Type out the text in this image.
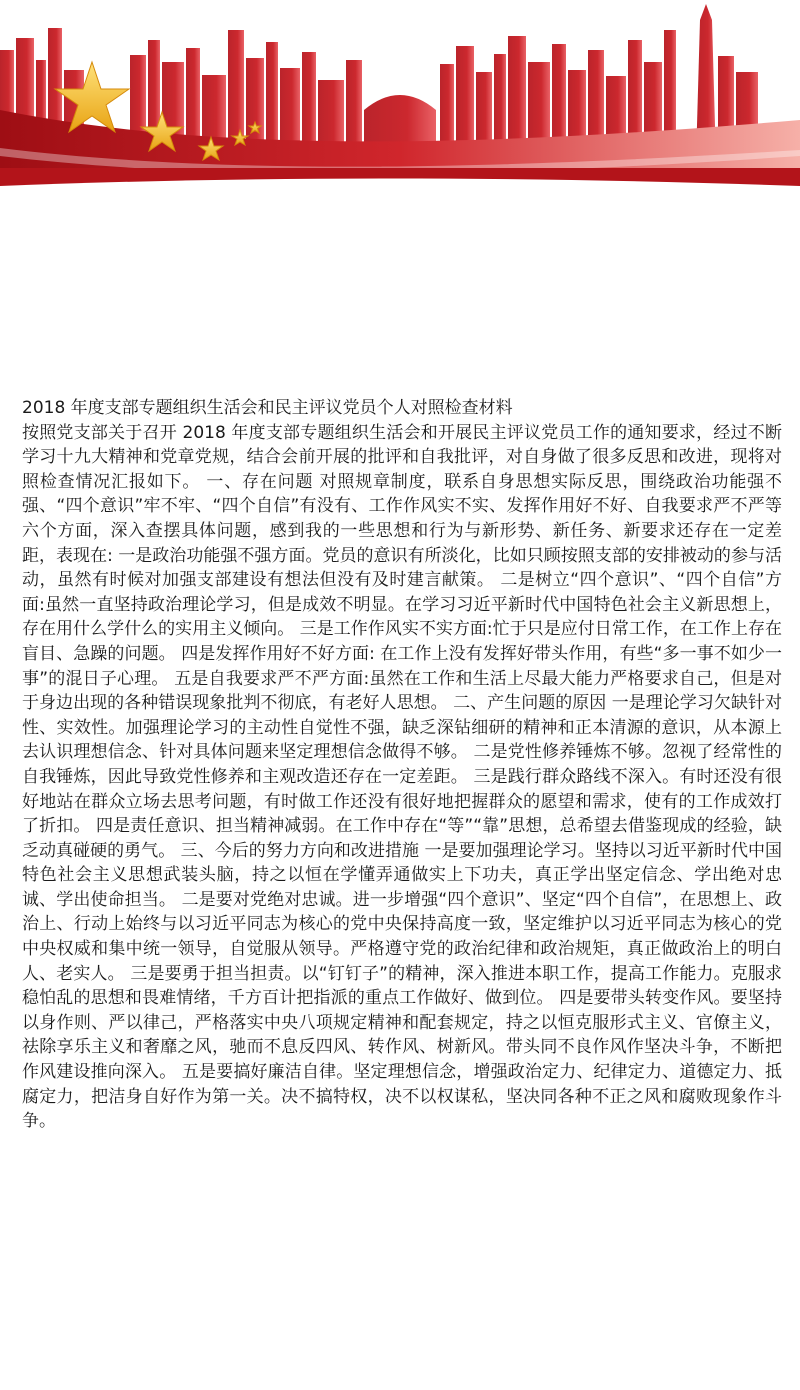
2018 年度支部专题组织生活会和民主评议党员个人对照检查材料

按照党支部关于召开 2018 年度支部专题组织生活会和开展民主评议党员工作的通知要求，经过不断学习十九大精神和党章党规，结合会前开展的批评和自我批评，对自身做了很多反思和改进，现将对照检查情况汇报如下。 一、存在问题 对照规章制度，联系自身思想实际反思，围绕政治功能强不强、“四个意识”牢不牢、“四个自信”有没有、工作作风实不实、发挥作用好不好、自我要求严不严等六个方面，深入查摆具体问题，感到我的一些思想和行为与新形势、新任务、新要求还存在一定差距，表现在: 一是政治功能强不强方面。党员的意识有所淡化，比如只顾按照支部的安排被动的参与活动，虽然有时候对加强支部建设有想法但没有及时建言献策。 二是树立“四个意识”、“四个自信”方面:虽然一直坚持政治理论学习，但是成效不明显。在学习习近平新时代中国特色社会主义新思想上，存在用什么学什么的实用主义倾向。 三是工作作风实不实方面:忙于只是应付日常工作，在工作上存在盲目、急躁的问题。 四是发挥作用好不好方面: 在工作上没有发挥好带头作用，有些“多一事不如少一事”的混日子心理。 五是自我要求严不严方面:虽然在工作和生活上尽最大能力严格要求自己，但是对于身边出现的各种错误现象批判不彻底，有老好人思想。 二、产生问题的原因 一是理论学习欠缺针对性、实效性。加强理论学习的主动性自觉性不强，缺乏深钻细研的精神和正本清源的意识，从本源上去认识理想信念、针对具体问题来坚定理想信念做得不够。 二是党性修养锤炼不够。忽视了经常性的自我锤炼，因此导致党性修养和主观改造还存在一定差距。 三是践行群众路线不深入。有时还没有很好地站在群众立场去思考问题，有时做工作还没有很好地把握群众的愿望和需求，使有的工作成效打了折扣。 四是责任意识、担当精神减弱。在工作中存在“等”“靠”思想，总希望去借鉴现成的经验，缺乏动真碰硬的勇气。 三、今后的努力方向和改进措施 一是要加强理论学习。坚持以习近平新时代中国特色社会主义思想武装头脑，持之以恒在学懂弄通做实上下功夫，真正学出坚定信念、学出绝对忠诚、学出使命担当。 二是要对党绝对忠诚。进一步增强“四个意识”、坚定“四个自信”，在思想上、政治上、行动上始终与以习近平同志为核心的党中央保持高度一致，坚定维护以习近平同志为核心的党中央权威和集中统一领导，自觉服从领导。严格遵守党的政治纪律和政治规矩，真正做政治上的明白人、老实人。 三是要勇于担当担责。以“钉钉子”的精神，深入推进本职工作，提高工作能力。克服求稳怕乱的思想和畏难情绪，千方百计把指派的重点工作做好、做到位。 四是要带头转变作风。要坚持以身作则、严以律己，严格落实中央八项规定精神和配套规定，持之以恒克服形式主义、官僚主义，祛除享乐主义和奢靡之风，驰而不息反四风、转作风、树新风。带头同不良作风作坚决斗争，不断把作风建设推向深入。 五是要搞好廉洁自律。坚定理想信念，增强政治定力、纪律定力、道德定力、抵腐定力，把洁身自好作为第一关。决不搞特权，决不以权谋私，坚决同各种不正之风和腐败现象作斗争。
